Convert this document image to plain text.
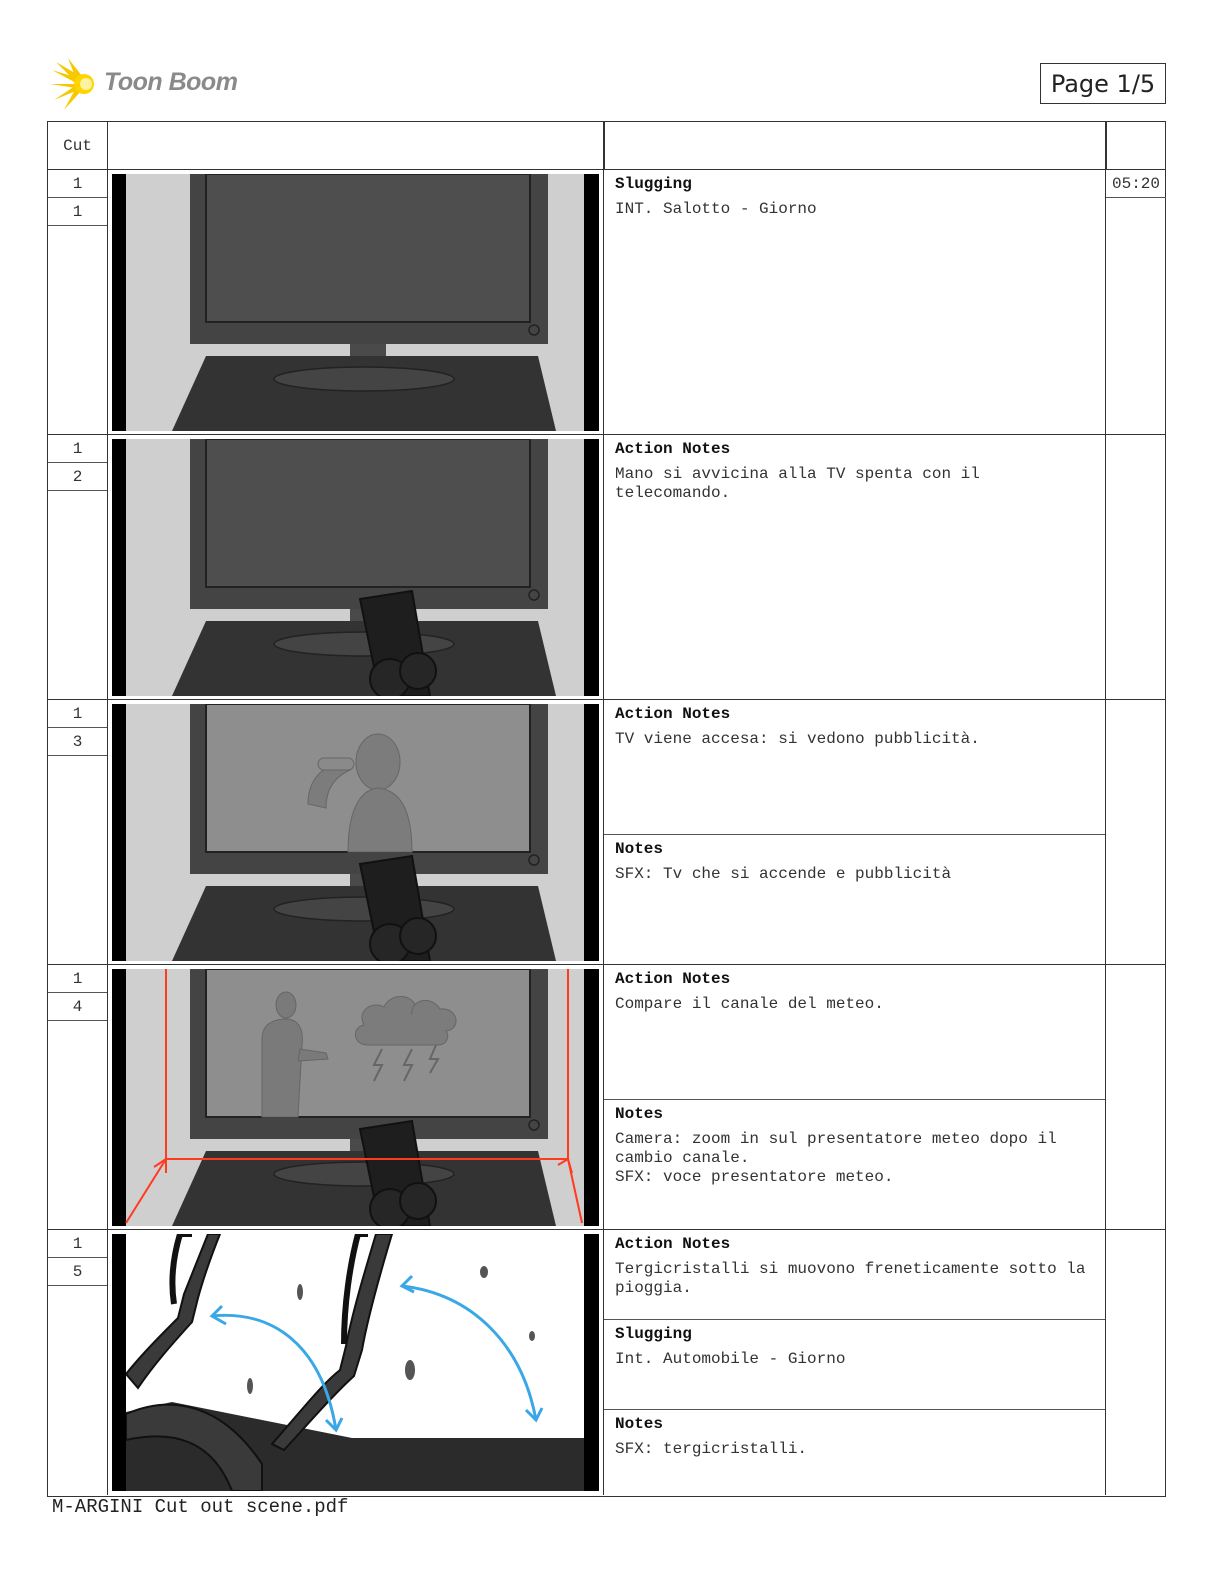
Toon Boom	Page 1/5
Cut
1
1
Slugging
INT. Salotto - Giorno
05:20
1
2
Action Notes
Mano si avvicina alla TV spenta con il telecomando.
1
3
Action Notes
TV viene accesa: si vedono pubblicità.
Notes
SFX: Tv che si accende e pubblicità
1
4
Action Notes
Compare il canale del meteo.
Notes
Camera: zoom in sul presentatore meteo dopo il cambio canale.
SFX: voce presentatore meteo.
1
5
Action Notes
Tergicristalli si muovono freneticamente sotto la pioggia.
Slugging
Int. Automobile - Giorno
Notes
SFX: tergicristalli.
M-ARGINI Cut out scene.pdf
